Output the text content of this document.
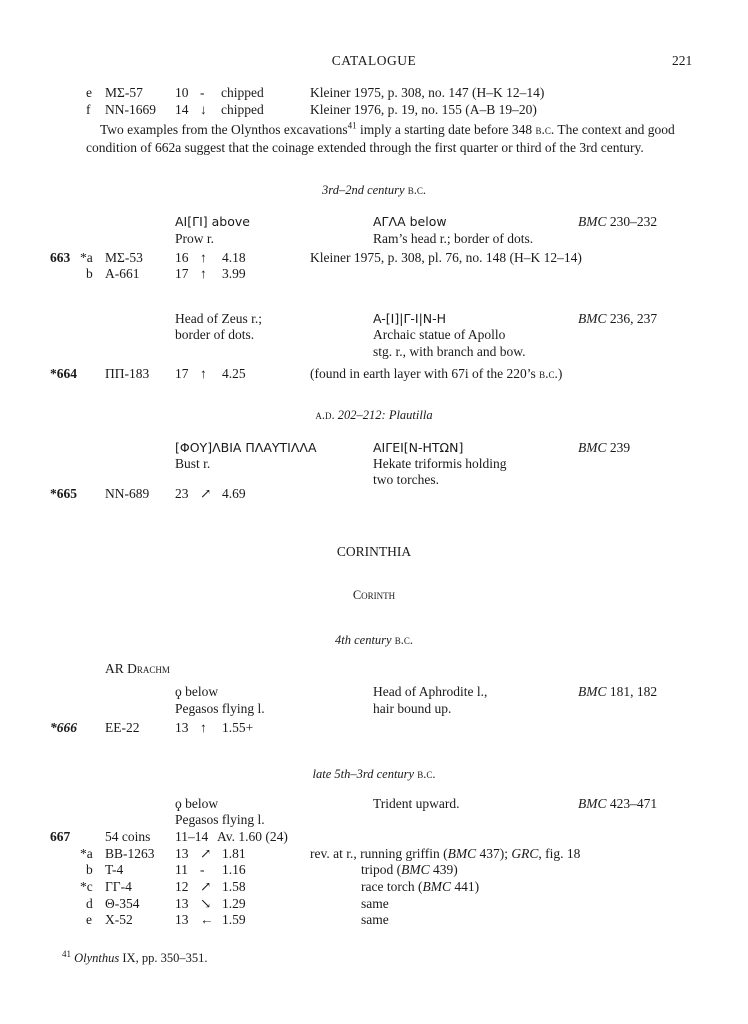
CATALOGUE	221
e MΣ-57 10 - chipped	Kleiner 1975, p. 308, no. 147 (H–K 12–14)
f NN-1669 14 ↓ chipped	Kleiner 1976, p. 19, no. 155 (A–B 19–20)
Two examples from the Olynthos excavations$^{41}$ imply a starting date before 348 b.c. The context and good condition of 662a suggest that the coinage extended through the first quarter or third of the 3rd century.
3rd–2nd century b.c.
AI[ΓI] above
Prow r.
ΑΓΛΑ below
Ram’s head r.; border of dots.
BMC 230–232
663 *a MΣ-53 16 ↑ 4.18	Kleiner 1975, p. 308, pl. 76, no. 148 (H–K 12–14)
b A-661	17 ↑ 3.99
Head of Zeus r.;
border of dots.
A-[I]|Γ-I|N-H
Archaic statue of Apollo
stg. r., with branch and bow.
BMC 236, 237
*664 ΠΠ-183 17 ↑ 4.25	(found in earth layer with 67i of the 220’s b.c.)
a.d. 202–212: Plautilla
[ΦΟΥ]ΛΒΙΑ ΠΛΑΥΤΙΛΛΑ
Bust r.
ΑΙΓΕΙ[Ν-ΗΤΩΝ]
Hekate triformis holding
two torches.
BMC 239
*665 NN-689 23 ↗ 4.69
CORINTHIA
Corinth
4th century b.c.
AR Drachm
ϙ below
Pegasos flying l.
Head of Aphrodite l.,
hair bound up.
BMC 181, 182
*666 EE-22	13 ↑ 1.55+
late 5th–3rd century b.c.
ϙ below
Pegasos flying l.
Trident upward.	BMC 423–471
667	54 coins 11–14 Av. 1.60 (24)
*a BB-1263 13 ↗ 1.81	rev. at r., running griffin (BMC 437); GRC, fig. 18
b T-4	11 - 1.16	tripod (BMC 439)
*c ΓΓ-4	12 ↗ 1.58	race torch (BMC 441)
d Θ-354	13 ↘ 1.29	same
e X-52	13 ← 1.59	same
$^{41}$ Olynthus IX, pp. 350–351.
